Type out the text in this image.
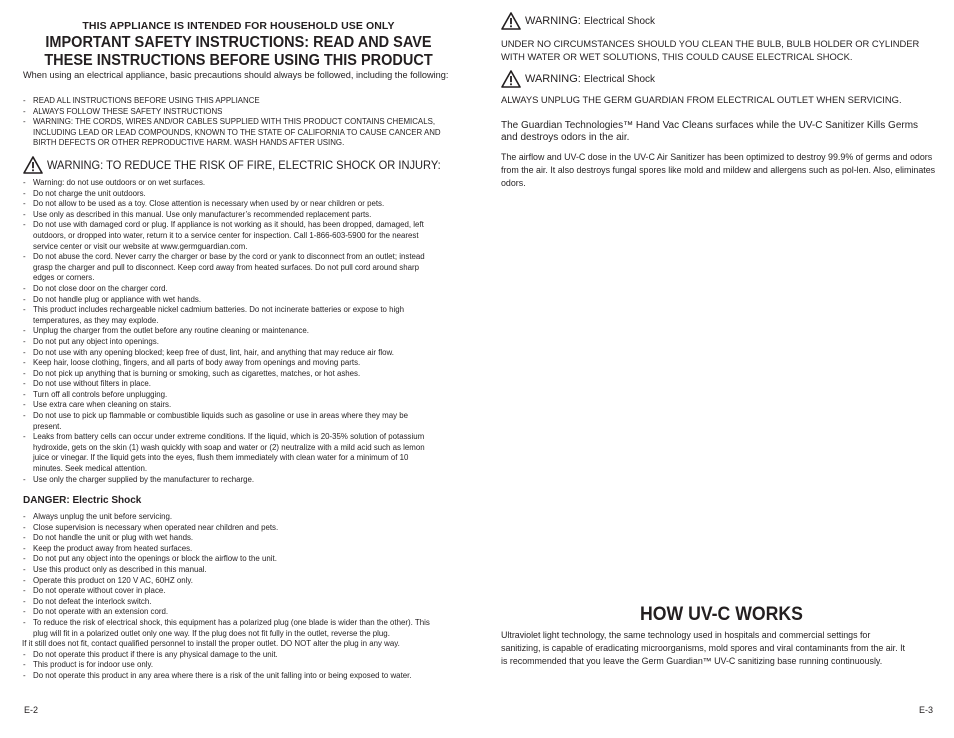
THIS APPLIANCE IS INTENDED FOR HOUSEHOLD USE ONLY
IMPORTANT SAFETY INSTRUCTIONS: READ AND SAVE
THESE INSTRUCTIONS BEFORE USING THIS PRODUCT
When using an electrical appliance, basic precautions should always be followed, including the following:
- READ ALL INSTRUCTIONS BEFORE USING THIS APPLIANCE
- ALWAYS FOLLOW THESE SAFETY INSTRUCTIONS
- WARNING: THE CORDS, WIRES AND/OR CABLES SUPPLIED WITH THIS PRODUCT CONTAINS CHEMICALS, INCLUDING LEAD OR LEAD COMPOUNDS, KNOWN TO THE STATE OF CALIFORNIA TO CAUSE CANCER AND BIRTH DEFECTS OR OTHER REPRODUCTIVE HARM. WASH HANDS AFTER USING.
WARNING: TO REDUCE THE RISK OF FIRE, ELECTRIC SHOCK OR INJURY:
- Warning: do not use outdoors or on wet surfaces.
- Do not charge the unit outdoors.
- Do not allow to be used as a toy. Close attention is necessary when used by or near children or pets.
- Use only as described in this manual. Use only manufacturer’s recommended replacement parts.
- Do not use with damaged cord or plug. If appliance is not working as it should, has been dropped, damaged, left outdoors, or dropped into water, return it to a service center for inspection. Call 1-866-603-5900 for the nearest service center or visit our website at www.germguardian.com.
- Do not abuse the cord. Never carry the charger or base by the cord or yank to disconnect from an outlet; instead grasp the charger and pull to disconnect. Keep cord away from heated surfaces. Do not pull cord around sharp edges or corners.
- Do not close door on the charger cord.
- Do not handle plug or appliance with wet hands.
- This product includes rechargeable nickel cadmium batteries. Do not incinerate batteries or expose to high temperatures, as they may explode.
- Unplug the charger from the outlet before any routine cleaning or maintenance.
- Do not put any object into openings.
- Do not use with any opening blocked; keep free of dust, lint, hair, and anything that may reduce air flow.
- Keep hair, loose clothing, fingers, and all parts of body away from openings and moving parts.
- Do not pick up anything that is burning or smoking, such as cigarettes, matches, or hot ashes.
- Do not use without filters in place.
- Turn off all controls before unplugging.
- Use extra care when cleaning on stairs.
- Do not use to pick up flammable or combustible liquids such as gasoline or use in areas where they may be present.
- Leaks from battery cells can occur under extreme conditions. If the liquid, which is 20-35% solution of potassium hydroxide, gets on the skin (1) wash quickly with soap and water or (2) neutralize with a mild acid such as lemon juice or vinegar. If the liquid gets into the eyes, flush them immediately with clean water for a minimum of 10 minutes. Seek medical attention.
- Use only the charger supplied by the manufacturer to recharge.
DANGER: Electric Shock
- Always unplug the unit before servicing.
- Close supervision is necessary when operated near children and pets.
- Do not handle the unit or plug with wet hands.
- Keep the product away from heated surfaces.
- Do not put any object into the openings or block the airflow to the unit.
- Use this product only as described in this manual.
- Operate this product on 120 V AC, 60HZ only.
- Do not operate without cover in place.
- Do not defeat the interlock switch.
- Do not operate with an extension cord.
- To reduce the risk of electrical shock, this equipment has a polarized plug (one blade is wider than the other). This plug will fit in a polarized outlet only one way. If the plug does not fit fully in the outlet, reverse the plug.
If it still does not fit, contact qualified personnel to install the proper outlet. DO NOT alter the plug in any way.
- Do not operate this product if there is any physical damage to the unit.
- This product is for indoor use only.
- Do not operate this product in any area where there is a risk of the unit falling into or being exposed to water.
E-2
WARNING: Electrical Shock
UNDER NO CIRCUMSTANCES SHOULD YOU CLEAN THE BULB, BULB HOLDER OR CYLINDER WITH WATER OR WET SOLUTIONS, THIS COULD CAUSE ELECTRICAL SHOCK.
WARNING: Electrical Shock
ALWAYS UNPLUG THE GERM GUARDIAN FROM ELECTRICAL OUTLET WHEN SERVICING.
The Guardian Technologies™ Hand Vac Cleans surfaces while the UV-C Sanitizer Kills Germs and destroys odors in the air.
The airflow and UV-C dose in the UV-C Air Sanitizer has been optimized to destroy 99.9% of germs and odors from the air. It also destroys fungal spores like mold and mildew and allergens such as pol-len. Also, eliminates odors.
HOW UV-C WORKS
Ultraviolet light technology, the same technology used in hospitals and commercial settings for sanitizing, is capable of eradicating microorganisms, mold spores and viral contaminants from the air. It is recommended that you leave the Germ Guardian™ UV-C sanitizing base running continuously.
E-3
